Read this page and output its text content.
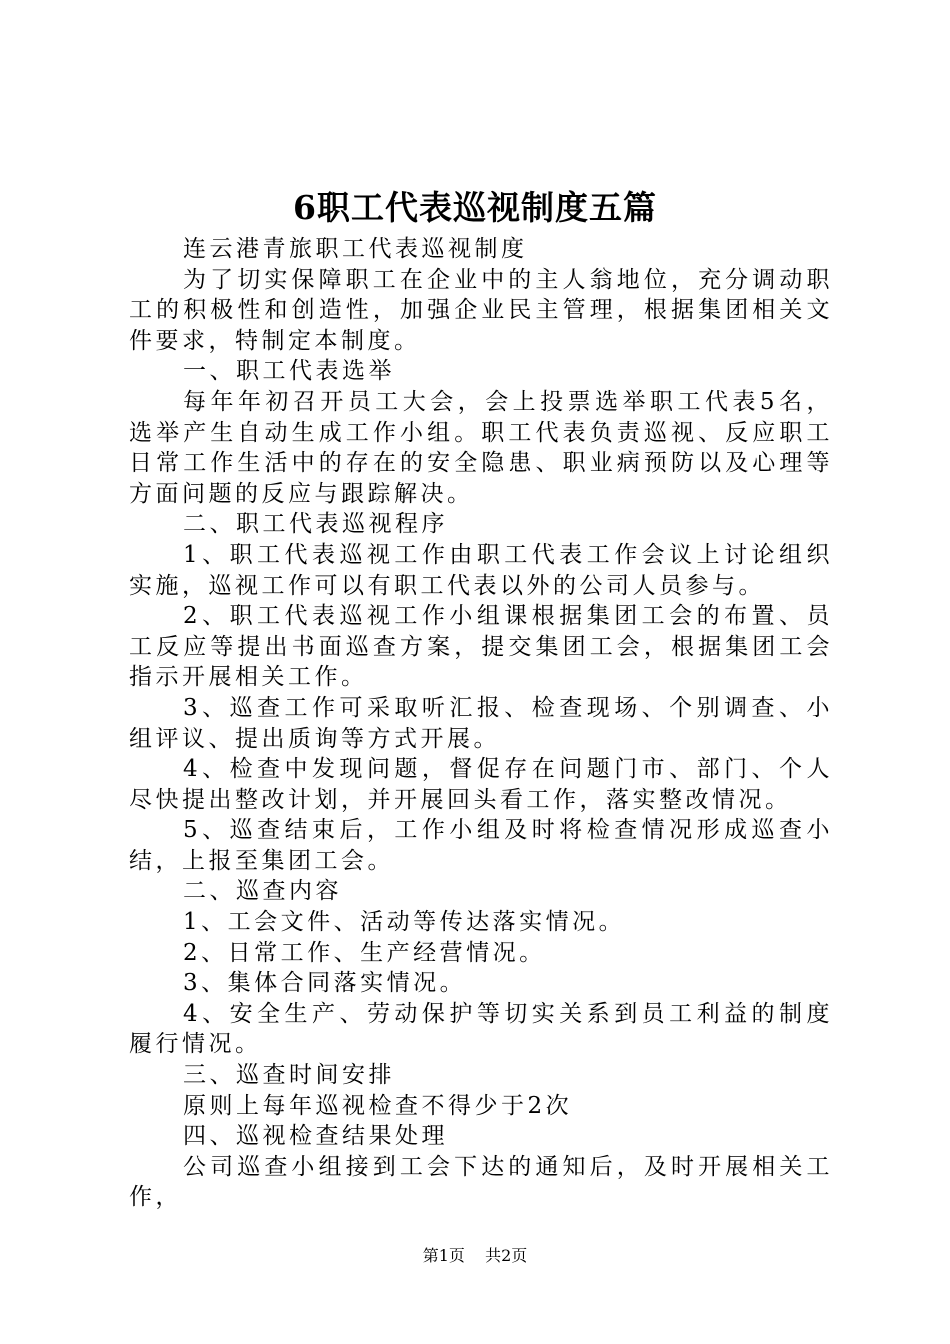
6职工代表巡视制度五篇

连云港青旅职工代表巡视制度

为了切实保障职工在企业中的主人翁地位，充分调动职工的积极性和创造性，加强企业民主管理，根据集团相关文件要求，特制定本制度。

一、职工代表选举

每年年初召开员工大会，会上投票选举职工代表5名，选举产生自动生成工作小组。职工代表负责巡视、反应职工日常工作生活中的存在的安全隐患、职业病预防以及心理等方面问题的反应与跟踪解决。

二、职工代表巡视程序

1、职工代表巡视工作由职工代表工作会议上讨论组织实施，巡视工作可以有职工代表以外的公司人员参与。

2、职工代表巡视工作小组课根据集团工会的布置、员工反应等提出书面巡查方案，提交集团工会，根据集团工会指示开展相关工作。

3、巡查工作可采取听汇报、检查现场、个别调查、小组评议、提出质询等方式开展。

4、检查中发现问题，督促存在问题门市、部门、个人尽快提出整改计划，并开展回头看工作，落实整改情况。

5、巡查结束后，工作小组及时将检查情况形成巡查小结，上报至集团工会。

二、巡查内容

1、工会文件、活动等传达落实情况。

2、日常工作、生产经营情况。

3、集体合同落实情况。

4、安全生产、劳动保护等切实关系到员工利益的制度履行情况。

三、巡查时间安排

原则上每年巡视检查不得少于2次

四、巡视检查结果处理

公司巡查小组接到工会下达的通知后，及时开展相关工作，

第1页 共2页
